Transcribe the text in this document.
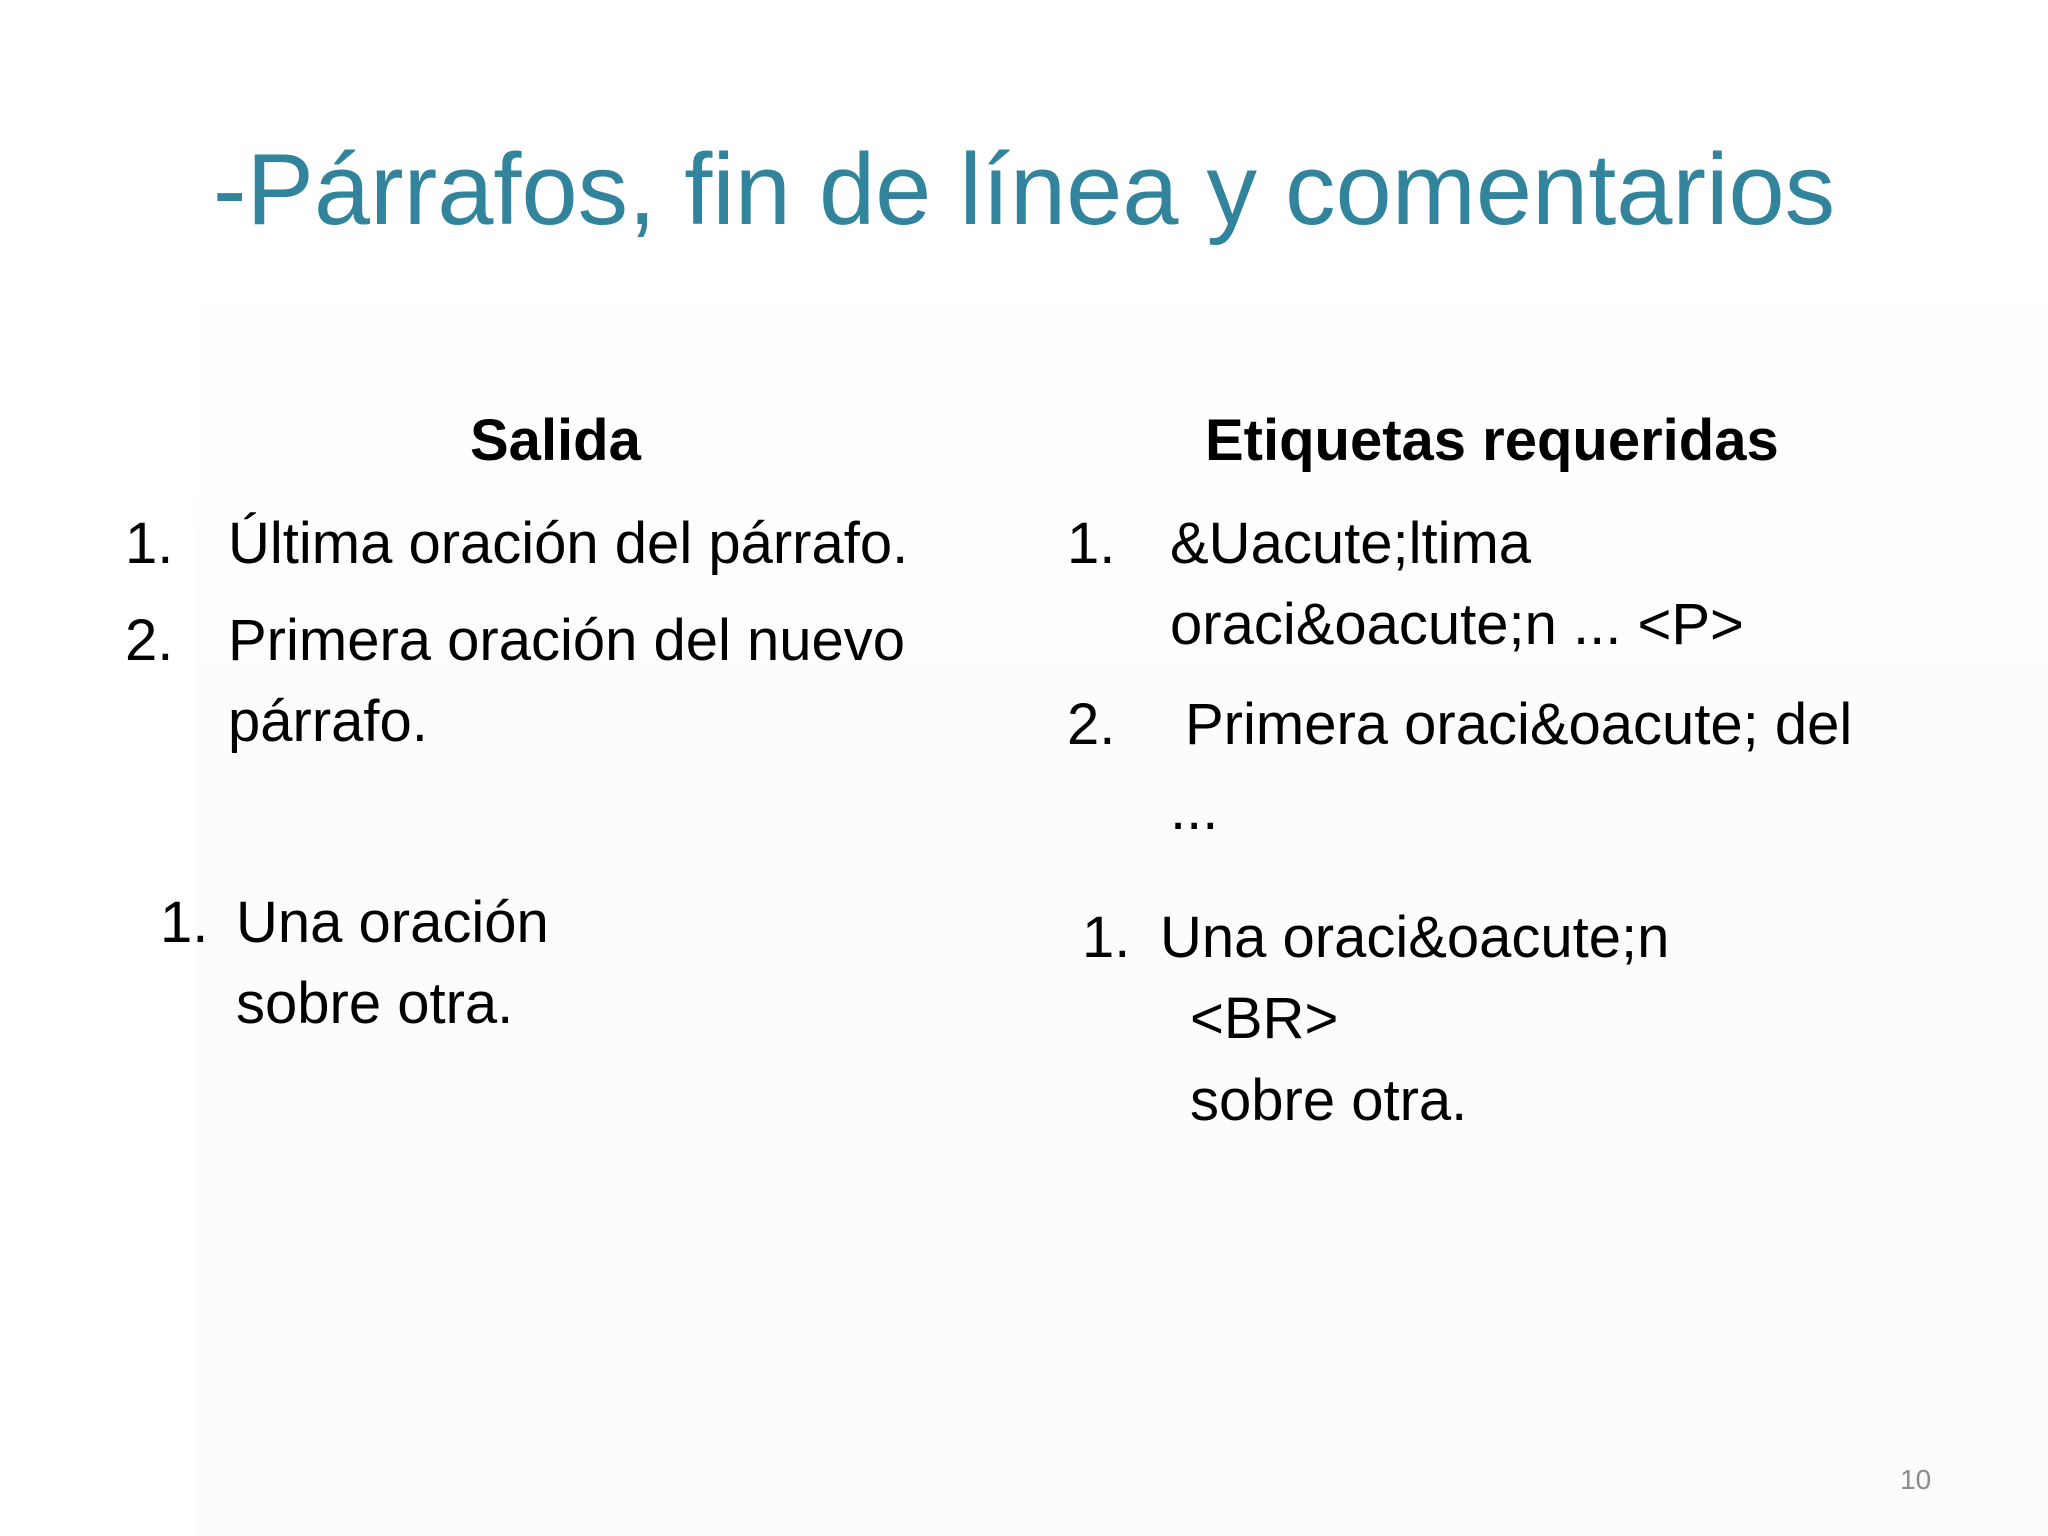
-Párrafos, fin de línea y comentarios
Salida
1. Última oración del párrafo.
2. Primera oración del nuevo
párrafo.
1. Una oración
sobre otra.
Etiquetas requeridas
1. &Uacute;ltima
oraci&oacute;n ... <P>
2. Primera oraci&oacute; del
...
1. Una oraci&oacute;n
<BR>
sobre otra.
10
